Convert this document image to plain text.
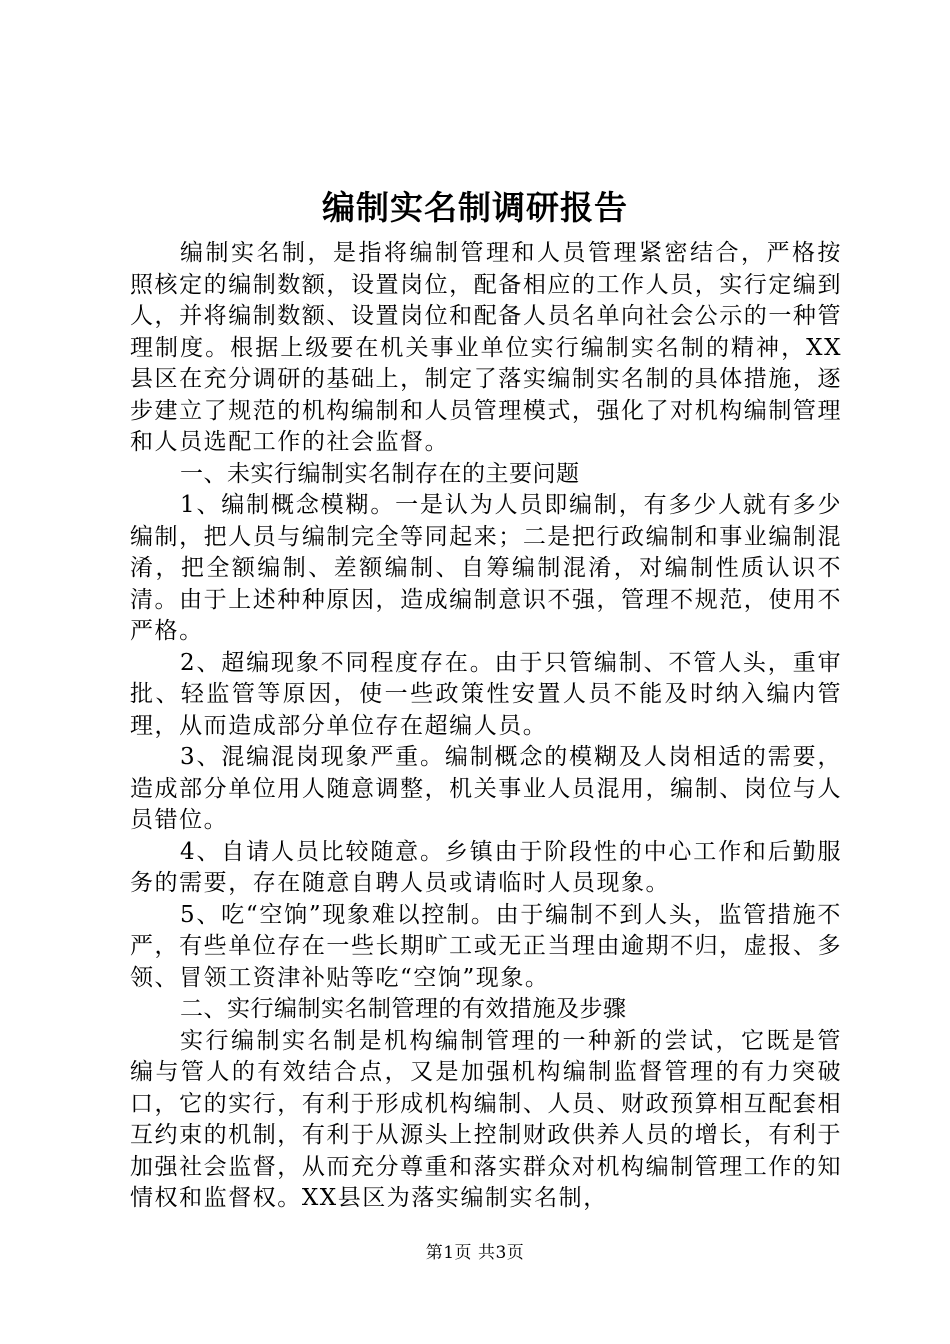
编制实名制调研报告

编制实名制，是指将编制管理和人员管理紧密结合，严格按照核定的编制数额，设置岗位，配备相应的工作人员，实行定编到人，并将编制数额、设置岗位和配备人员名单向社会公示的一种管理制度。根据上级要在机关事业单位实行编制实名制的精神，XX县区在充分调研的基础上，制定了落实编制实名制的具体措施，逐步建立了规范的机构编制和人员管理模式，强化了对机构编制管理和人员选配工作的社会监督。

一、未实行编制实名制存在的主要问题

1、编制概念模糊。一是认为人员即编制，有多少人就有多少编制，把人员与编制完全等同起来；二是把行政编制和事业编制混淆，把全额编制、差额编制、自筹编制混淆，对编制性质认识不清。由于上述种种原因，造成编制意识不强，管理不规范，使用不严格。

2、超编现象不同程度存在。由于只管编制、不管人头，重审批、轻监管等原因，使一些政策性安置人员不能及时纳入编内管理，从而造成部分单位存在超编人员。

3、混编混岗现象严重。编制概念的模糊及人岗相适的需要，造成部分单位用人随意调整，机关事业人员混用，编制、岗位与人员错位。

4、自请人员比较随意。乡镇由于阶段性的中心工作和后勤服务的需要，存在随意自聘人员或请临时人员现象。

5、吃“空饷”现象难以控制。由于编制不到人头，监管措施不严，有些单位存在一些长期旷工或无正当理由逾期不归，虚报、多领、冒领工资津补贴等吃“空饷”现象。

二、实行编制实名制管理的有效措施及步骤

实行编制实名制是机构编制管理的一种新的尝试，它既是管编与管人的有效结合点，又是加强机构编制监督管理的有力突破口，它的实行，有利于形成机构编制、人员、财政预算相互配套相互约束的机制，有利于从源头上控制财政供养人员的增长，有利于加强社会监督，从而充分尊重和落实群众对机构编制管理工作的知情权和监督权。XX县区为落实编制实名制，

第1页 共3页
